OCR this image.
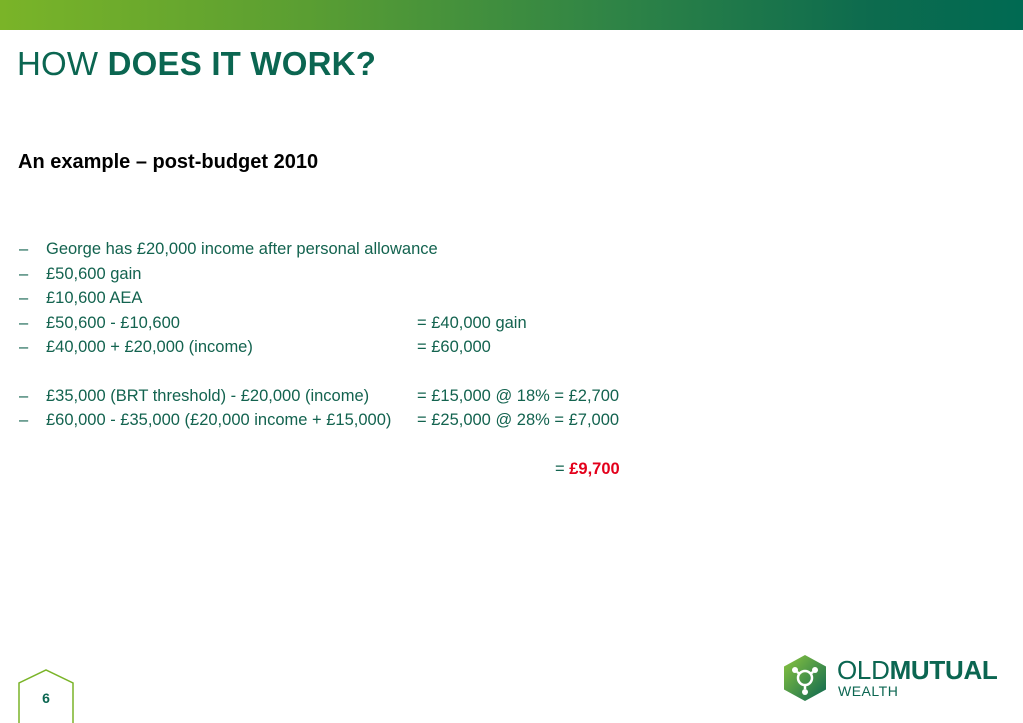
HOW DOES IT WORK?
An example – post-budget 2010
– George has £20,000 income after personal allowance
– £50,600 gain
– £10,600 AEA
– £50,600 - £10,600	= £40,000 gain
– £40,000 + £20,000 (income)	= £60,000
– £35,000 (BRT threshold) - £20,000 (income)	= £15,000 @ 18% = £2,700
– £60,000 - £35,000 (£20,000 income + £15,000) = £25,000 @ 28% = £7,000
= £9,700
6
OLDMUTUAL
WEALTH
